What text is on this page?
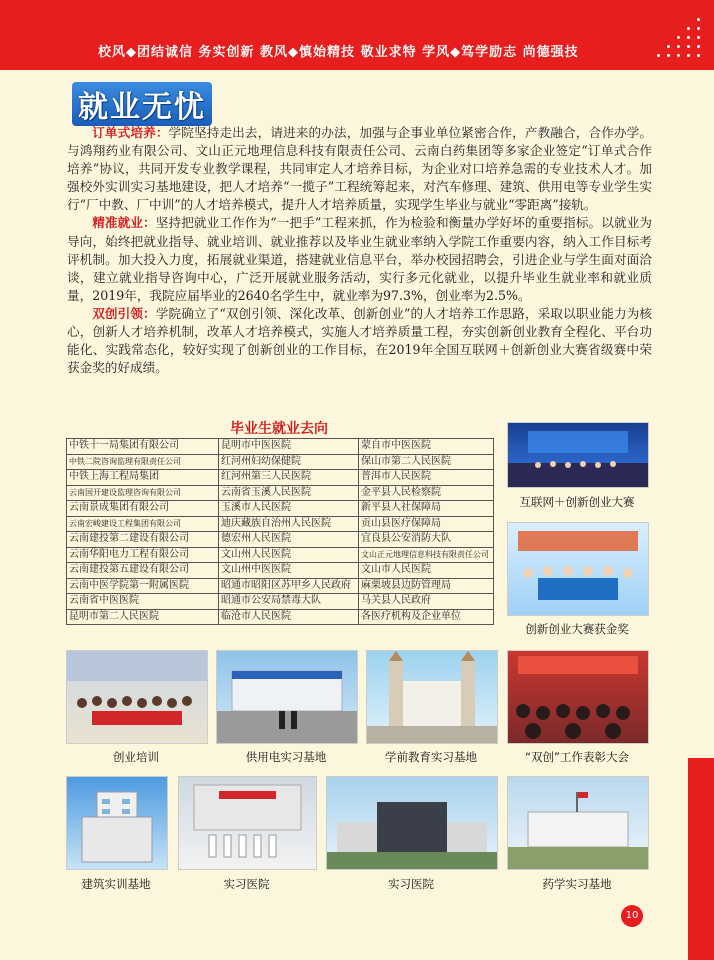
校风◆团结诚信 务实创新 教风◆慎始精技 敬业求特 学风◆笃学励志 尚德强技
就业无忧

订单式培养：学院坚持走出去，请进来的办法，加强与企事业单位紧密合作，产教融合，合作办学。与鸿翔药业有限公司、文山正元地理信息科技有限责任公司、云南白药集团等多家企业签定“订单式合作培养”协议，共同开发专业教学课程，共同审定人才培养目标，为企业对口培养急需的专业技术人才。加强校外实训实习基地建设，把人才培养“一揽子”工程统筹起来，对汽车修理、建筑、供用电等专业学生实行“厂中教、厂中训”的人才培养模式，提升人才培养质量，实现学生毕业与就业“零距离”接轨。

精准就业：坚持把就业工作作为“一把手”工程来抓，作为检验和衡量办学好坏的重要指标。以就业为导向，始终把就业指导、就业培训、就业推荐以及毕业生就业率纳入学院工作重要内容，纳入工作目标考评机制。加大投入力度，拓展就业渠道，搭建就业信息平台，举办校园招聘会，引进企业与学生面对面洽谈，建立就业指导咨询中心，广泛开展就业服务活动，实行多元化就业，以提升毕业生就业率和就业质量，2019年，我院应届毕业的2640名学生中，就业率为97.3%，创业率为2.5%。

双创引领：学院确立了“双创引领、深化改革、创新创业”的人才培养工作思路，采取以职业能力为核心，创新人才培养机制，改革人才培养模式，实施人才培养质量工程，夯实创新创业教育全程化、平台功能化、实践常态化，较好实现了创新创业的工作目标，在2019年全国互联网＋创新创业大赛省级赛中荣获金奖的好成绩。

毕业生就业去向
中铁十一局集团有限公司	昆明市中医医院	蒙自市中医医院
中铁二院咨询监理有限责任公司	红河州妇幼保健院	保山市第二人民医院
中铁上海工程局集团	红河州第三人民医院	普洱市人民医院
云南国开建设监理咨询有限公司	云南省玉溪人民医院	金平县人民检察院
云南景成集团有限公司	玉溪市人民医院	新平县人社保障局
云南宏峻建设工程集团有限公司	迪庆藏族自治州人民医院	贡山县医疗保障局
云南建投第二建设有限公司	德宏州人民医院	宜良县公安消防大队
云南华阳电力工程有限公司	文山州人民医院	文山正元地理信息科技有限责任公司
云南建投第五建设有限公司	文山州中医医院	文山市人民医院
云南中医学院第一附属医院	昭通市昭阳区苏甲乡人民政府	麻栗坡县边防管理局
云南省中医医院	昭通市公安局禁毒大队	马关县人民政府
昆明市第二人民医院	临沧市人民医院	各医疗机构及企业单位
互联网＋创新创业大赛
创新创业大赛获金奖
创业培训	供用电实习基地	学前教育实习基地	“双创”工作表彰大会
建筑实训基地	实习医院	实习医院	药学实习基地
10
